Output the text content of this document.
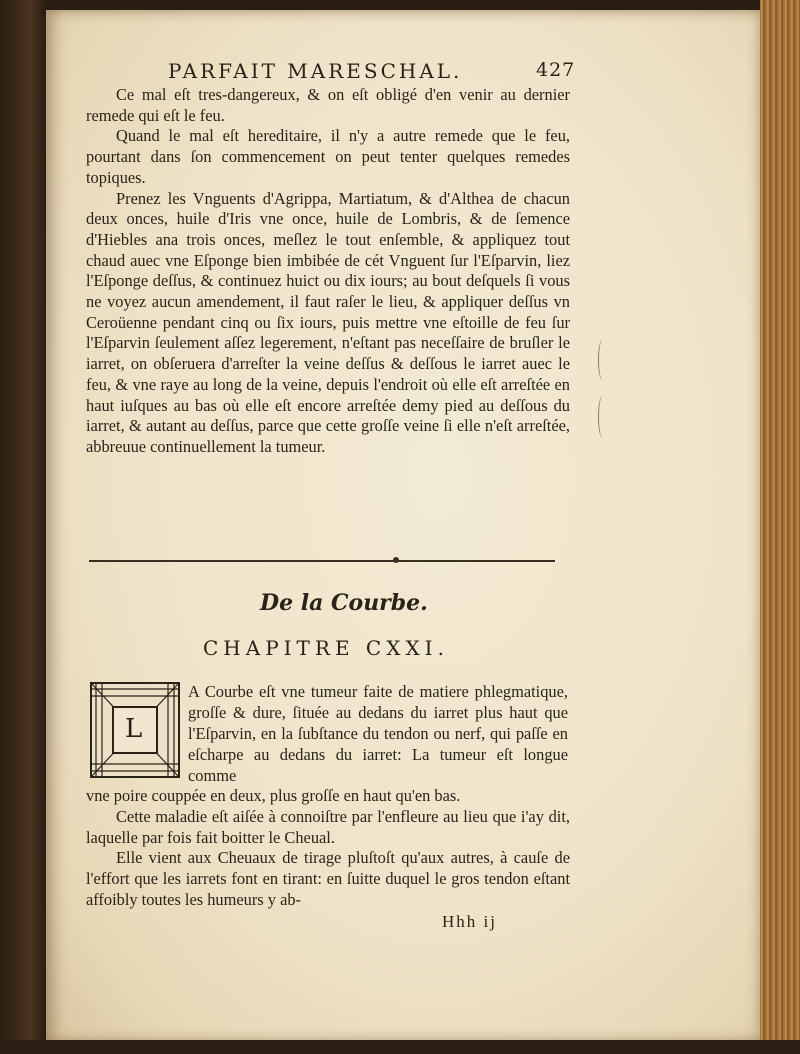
PARFAIT MARESCHAL.	427

Ce mal eſt tres-dangereux, & on eſt obligé d'en venir au dernier remede qui eſt le feu.

Quand le mal eſt hereditaire, il n'y a autre remede que le feu, pourtant dans ſon commencement on peut tenter quelques remedes topiques.

Prenez les Vnguents d'Agrippa, Martiatum, & d'Althea de chacun deux onces, huile d'Iris vne once, huile de Lombris, & de ſemence d'Hiebles ana trois onces, meſlez le tout enſemble, & appliquez tout chaud auec vne Eſponge bien imbibée de cét Vnguent ſur l'Eſparvin, liez l'Eſponge deſſus, & continuez huict ou dix iours; au bout deſquels ſi vous ne voyez aucun amendement, il faut raſer le lieu, & appliquer deſſus vn Ceroüenne pendant cinq ou ſix iours, puis mettre vne eſtoille de feu ſur l'Eſparvin ſeulement aſſez legerement, n'eſtant pas neceſſaire de bruſler le iarret, on obſeruera d'arreſter la veine deſſus & deſſous le iarret auec le feu, & vne raye au long de la veine, depuis l'endroit où elle eſt arreſtée en haut iuſques au bas où elle eſt encore arreſtée demy pied au deſſous du iarret, & autant au deſſus, parce que cette groſſe veine ſi elle n'eſt arreſtée, abbreuue continuellement la tumeur.

De la Courbe.
CHAPITRE CXXI.
L
A Courbe eſt vne tumeur faite de matiere phlegmatique, groſſe & dure, ſituée au dedans du iarret plus haut que l'Eſparvin, en la ſubſtance du tendon ou nerf, qui paſſe en eſcharpe au dedans du iarret: La tumeur eſt longue comme

vne poire couppée en deux, plus groſſe en haut qu'en bas.

Cette maladie eſt aiſée à connoiſtre par l'enfleure au lieu que i'ay dit, laquelle par fois fait boitter le Cheual.

Elle vient aux Cheuaux de tirage pluſtoſt qu'aux autres, à cauſe de l'effort que les iarrets font en tirant: en ſuitte duquel le gros tendon eſtant affoibly toutes les humeurs y ab-

Hhh ij
